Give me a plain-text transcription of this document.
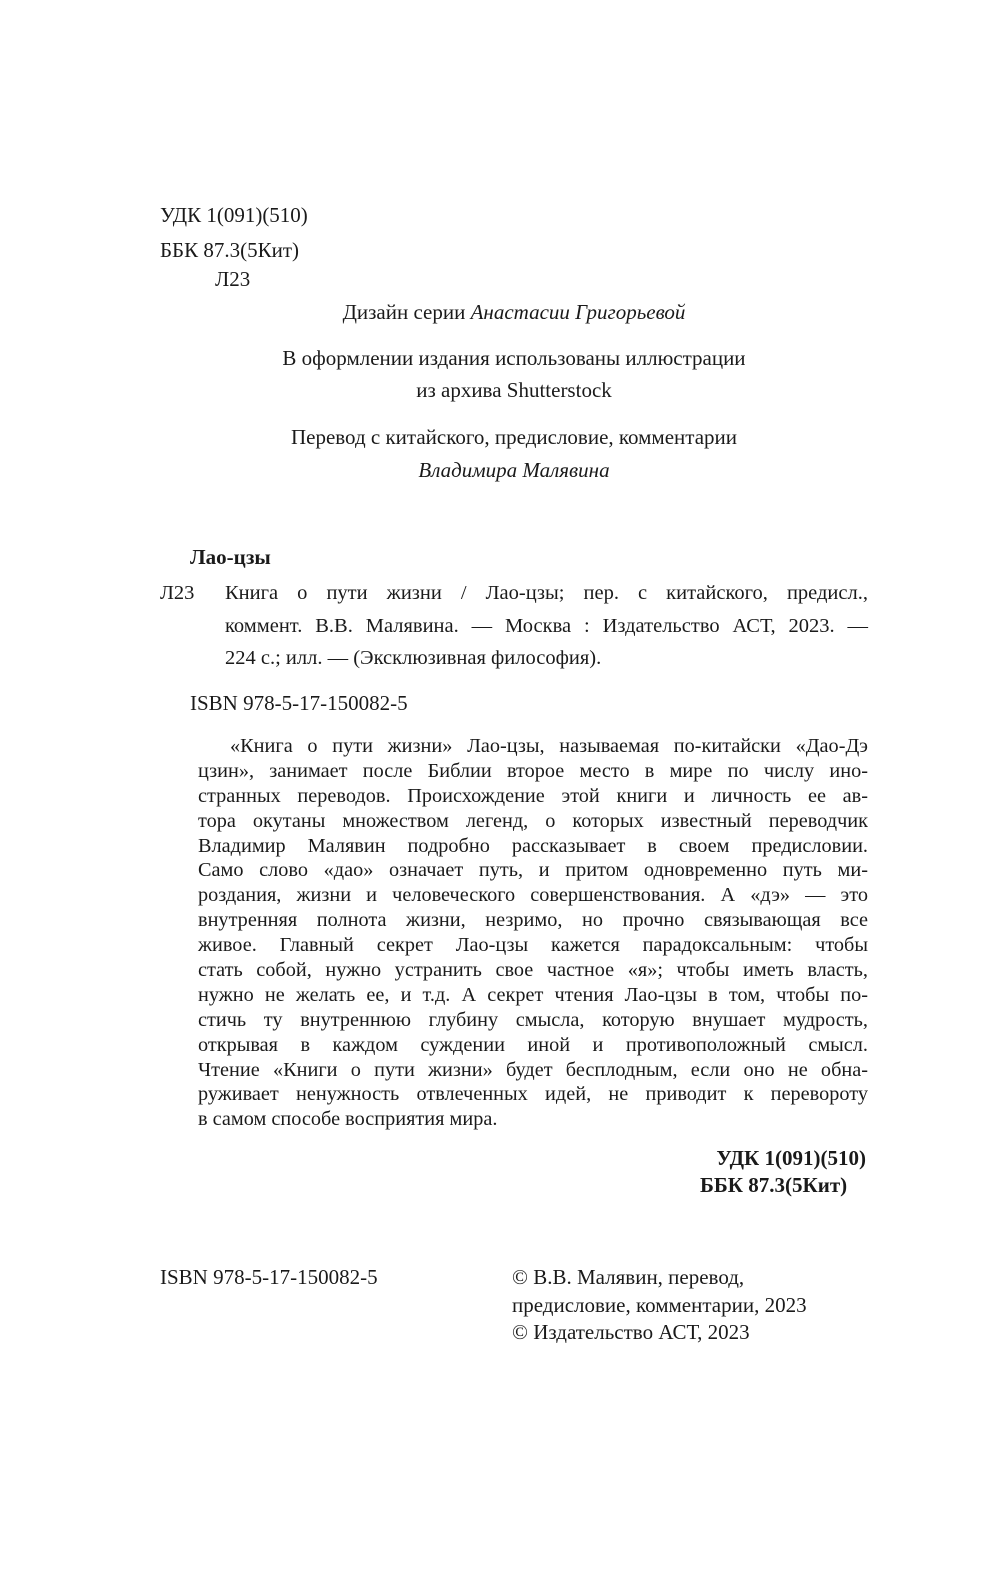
УДК 1(091)(510)
ББК 87.3(5Кит)
Л23
Дизайн серии Анастасии Григорьевой
В оформлении издания использованы иллюстрации
из архива Shutterstock
Перевод с китайского, предисловие, комментарии
Владимира Малявина
Лао-цзы
Л23	Книга о пути жизни / Лао-цзы; пер. с китайского, предисл.,
коммент. В.В. Малявина. — Москва : Издательство АСТ, 2023. —
224 с.; илл. — (Эксклюзивная философия).
ISBN 978-5-17-150082-5
«Книга о пути жизни» Лао-цзы, называемая по-китайски «Дао-Дэ
цзин», занимает после Библии второе место в мире по числу ино-
странных переводов. Происхождение этой книги и личность ее ав-
тора окутаны множеством легенд, о которых известный переводчик
Владимир Малявин подробно рассказывает в своем предисловии.
Само слово «дао» означает путь, и притом одновременно путь ми-
роздания, жизни и человеческого совершенствования. А «дэ» — это
внутренняя полнота жизни, незримо, но прочно связывающая все
живое. Главный секрет Лао-цзы кажется парадоксальным: чтобы
стать собой, нужно устранить свое частное «я»; чтобы иметь власть,
нужно не желать ее, и т.д. А секрет чтения Лао-цзы в том, чтобы по-
стичь ту внутреннюю глубину смысла, которую внушает мудрость,
открывая в каждом суждении иной и противоположный смысл.
Чтение «Книги о пути жизни» будет бесплодным, если оно не обна-
руживает ненужность отвлеченных идей, не приводит к перевороту
в самом способе восприятия мира.
УДК 1(091)(510)
ББК 87.3(5Кит)
ISBN 978-5-17-150082-5	© В.В. Малявин, перевод,
предисловие, комментарии, 2023
© Издательство АСТ, 2023
